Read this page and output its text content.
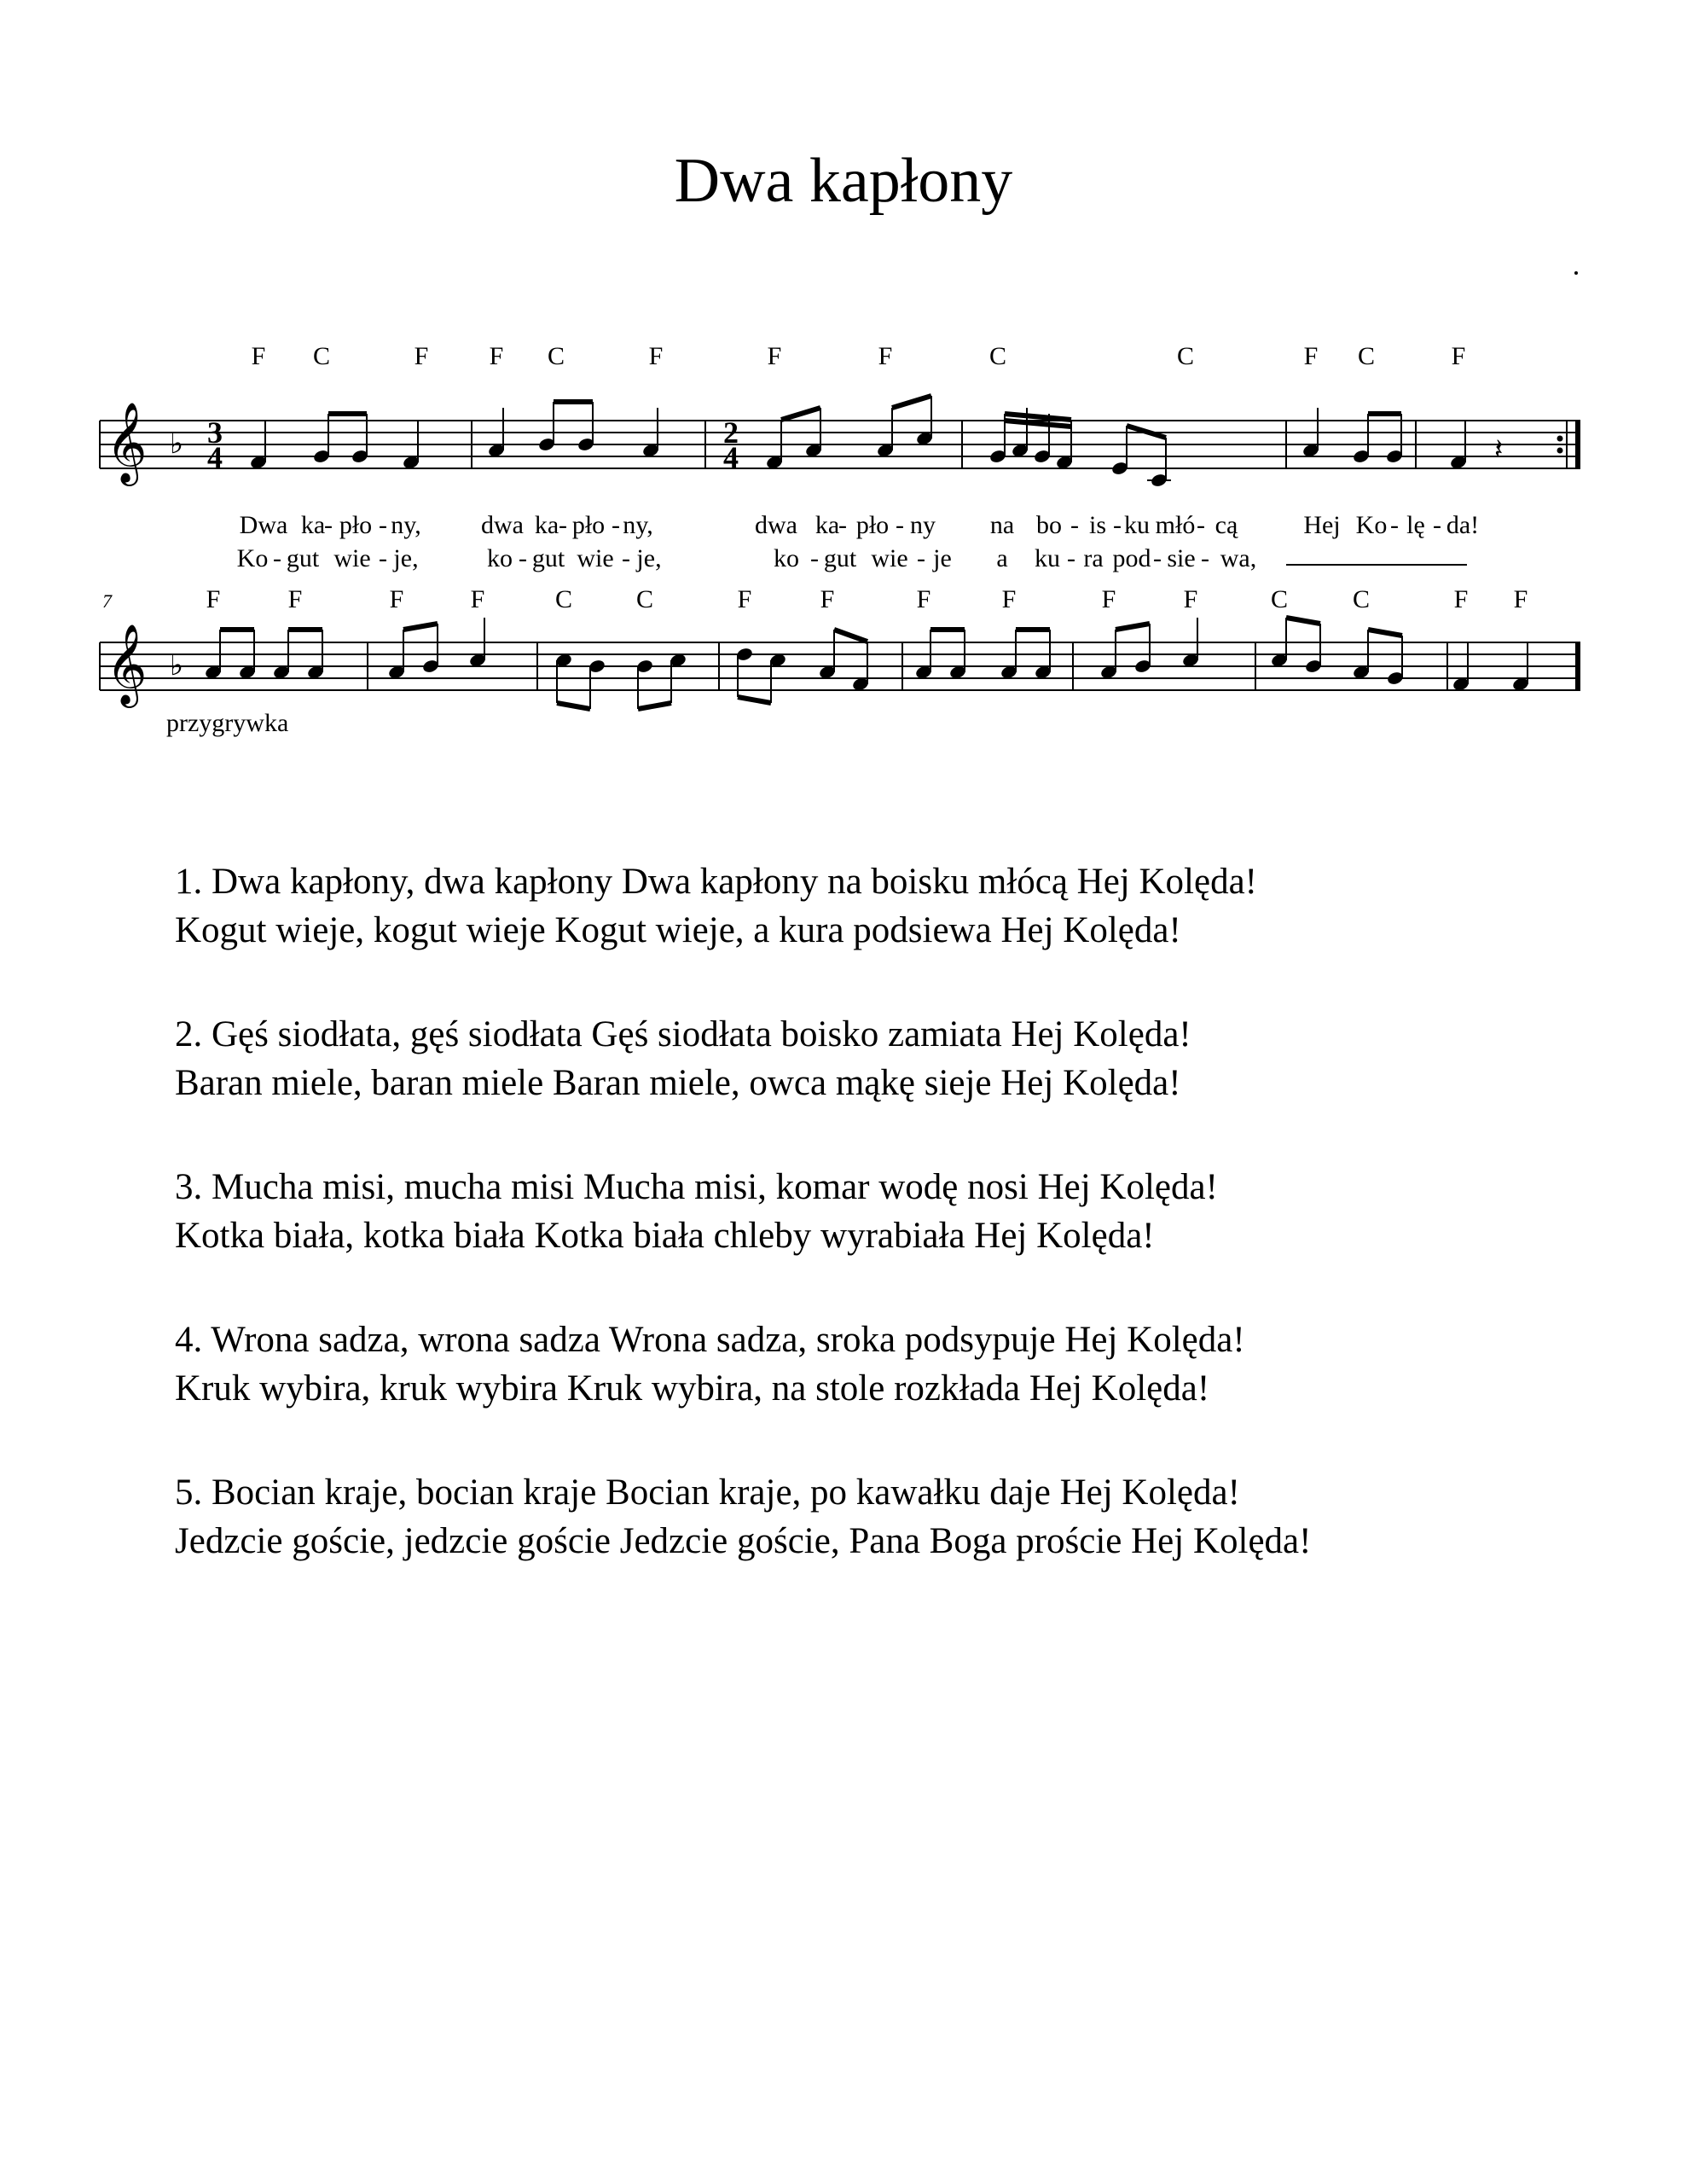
Dwa kapłony
𝄞 ♭ 3
4
2
4	𝄽
F C	F F C	F	F	F	C	C	F C	F
Dwa ka
- pło - ny, dwa ka - pło - ny,	dwa ka
- pło - ny na bo - is - ku młó - cą	Hej Ko - lę - da!
Ko - gut wie - je,	ko - gut wie - je,	ko - gut wie - je a ku - ra pod - sie - wa,
𝄞 ♭
7
przygrywka
F	F	F	F	C C	F	F	F	F	F	F	C	C	F F
1. Dwa kapłony, dwa kapłony Dwa kapłony na boisku młócą Hej Kolęda!
Kogut wieje, kogut wieje Kogut wieje, a kura podsiewa Hej Kolęda!
2. Gęś siodłata, gęś siodłata Gęś siodłata boisko zamiata Hej Kolęda!
Baran miele, baran miele Baran miele, owca mąkę sieje Hej Kolęda!
3. Mucha misi, mucha misi Mucha misi, komar wodę nosi Hej Kolęda!
Kotka biała, kotka biała Kotka biała chleby wyrabiała Hej Kolęda!
4. Wrona sadza, wrona sadza Wrona sadza, sroka podsypuje Hej Kolęda!
Kruk wybira, kruk wybira Kruk wybira, na stole rozkłada Hej Kolęda!
5. Bocian kraje, bocian kraje Bocian kraje, po kawałku daje Hej Kolęda!
Jedzcie goście, jedzcie goście Jedzcie goście, Pana Boga proście Hej Kolęda!
